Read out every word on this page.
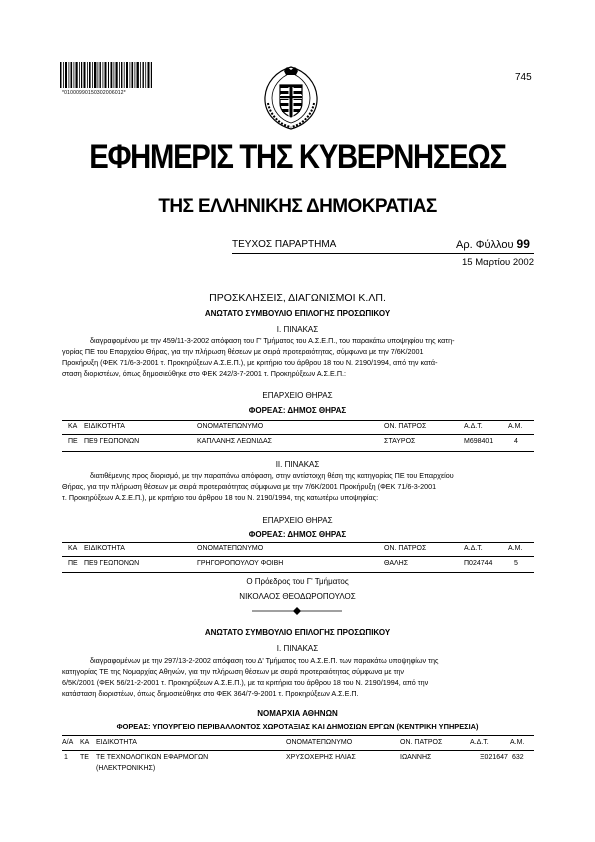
*01000990150302006012*
745
ΕΦΗΜΕΡΙΣ ΤΗΣ ΚΥΒΕΡΝΗΣΕΩΣ
ΤΗΣ ΕΛΛΗΝΙΚΗΣ ΔΗΜΟΚΡΑΤΙΑΣ
ΤΕΥΧΟΣ ΠΑΡΑΡΤΗΜΑ	Αρ. Φύλλου 99
15 Μαρτίου 2002
ΠΡΟΣΚΛΗΣΕΙΣ, ΔΙΑΓΩΝΙΣΜΟΙ Κ.ΛΠ.
ΑΝΩΤΑΤΟ ΣΥΜΒΟΥΛΙΟ ΕΠΙΛΟΓΗΣ ΠΡΟΣΩΠΙΚΟΥ
Ι. ΠΙΝΑΚΑΣ
διαγραφομένου με την 459/11-3-2002 απόφαση του Γ' Τμήματος του Α.Σ.Ε.Π., του παρακάτω υποψηφίου της κατη-
γορίας ΠΕ του Επαρχείου Θήρας, για την πλήρωση θέσεων με σειρά προτεραιότητας, σύμφωνα με την 7/6Κ/2001
Προκήρυξη (ΦΕΚ 71/6-3-2001 τ. Προκηρύξεων Α.Σ.Ε.Π.), με κριτήριο του άρθρου 18 του Ν. 2190/1994, από την κατά-
σταση διοριστέων, όπως δημοσιεύθηκε στο ΦΕΚ 242/3-7-2001 τ. Προκηρύξεων Α.Σ.Ε.Π.:
ΕΠΑΡΧΕΙΟ ΘΗΡΑΣ
ΦΟΡΕΑΣ: ΔΗΜΟΣ ΘΗΡΑΣ
ΚΑ ΕΙΔΙΚΟΤΗΤΑ	ΟΝΟΜΑΤΕΠΩΝΥΜΟ	ΟΝ. ΠΑΤΡΟΣ	Α.Δ.Τ.	Α.Μ.
ΠΕ ΠΕ9 ΓΕΩΠΟΝΩΝ	ΚΑΠΛΑΝΗΣ ΛΕΩΝΙΔΑΣ	ΣΤΑΥΡΟΣ	Μ698401	4
ΙΙ. ΠΙΝΑΚΑΣ
διατιθέμενης προς διορισμό, με την παραπάνω απόφαση, στην αντίστοιχη θέση της κατηγορίας ΠΕ του Επαρχείου
Θήρας, για την πλήρωση θέσεων με σειρά προτεραιότητας σύμφωνα με την 7/6Κ/2001 Προκήρυξη (ΦΕΚ 71/6-3-2001
τ. Προκηρύξεων Α.Σ.Ε.Π.), με κριτήριο του άρθρου 18 του Ν. 2190/1994, της κατωτέρω υποψηφίας:
ΕΠΑΡΧΕΙΟ ΘΗΡΑΣ
ΦΟΡΕΑΣ: ΔΗΜΟΣ ΘΗΡΑΣ
ΚΑ ΕΙΔΙΚΟΤΗΤΑ	ΟΝΟΜΑΤΕΠΩΝΥΜΟ	ΟΝ. ΠΑΤΡΟΣ	Α.Δ.Τ.	Α.Μ.
ΠΕ ΠΕ9 ΓΕΩΠΟΝΩΝ	ΓΡΗΓΟΡΟΠΟΥΛΟΥ ΦΟΙΒΗ	ΘΑΛΗΣ	Π024744	5
Ο Πρόεδρος του Γ' Τμήματος
ΝΙΚΟΛΑΟΣ ΘΕΟΔΩΡΟΠΟΥΛΟΣ
ΑΝΩΤΑΤΟ ΣΥΜΒΟΥΛΙΟ ΕΠΙΛΟΓΗΣ ΠΡΟΣΩΠΙΚΟΥ
Ι. ΠΙΝΑΚΑΣ
διαγραφομένων με την 297/13-2-2002 απόφαση του Δ' Τμήματος του Α.Σ.Ε.Π. των παρακάτω υποψηφίων της
κατηγορίας ΤΕ της Νομαρχίας Αθηνών, για την πλήρωση θέσεων με σειρά προτεραιότητας σύμφωνα με την
6/5Κ/2001 (ΦΕΚ 56/21-2-2001 τ. Προκηρύξεων Α.Σ.Ε.Π.), με τα κριτήρια του άρθρου 18 του Ν. 2190/1994, από την
κατάσταση διοριστέων, όπως δημοσιεύθηκε στο ΦΕΚ 364/7-9-2001 τ. Προκηρύξεων Α.Σ.Ε.Π.
ΝΟΜΑΡΧΙΑ ΑΘΗΝΩΝ
ΦΟΡΕΑΣ: ΥΠΟΥΡΓΕΙΟ ΠΕΡΙΒΑΛΛΟΝΤΟΣ ΧΩΡΟΤΑΞΙΑΣ ΚΑΙ ΔΗΜΟΣΙΩΝ ΕΡΓΩΝ (ΚΕΝΤΡΙΚΗ ΥΠΗΡΕΣΙΑ)
Α/Α ΚΑ ΕΙΔΙΚΟΤΗΤΑ	ΟΝΟΜΑΤΕΠΩΝΥΜΟ	ΟΝ. ΠΑΤΡΟΣ	Α.Δ.Τ.	Α.Μ.
1 ΤΕ ΤΕ ΤΕΧΝΟΛΟΓΙΚΩΝ ΕΦΑΡΜΟΓΩΝ	ΧΡΥΣΟΧΕΡΗΣ ΗΛΙΑΣ	ΙΩΑΝΝΗΣ	Ξ021647 632
(ΗΛΕΚΤΡΟΝΙΚΗΣ)
